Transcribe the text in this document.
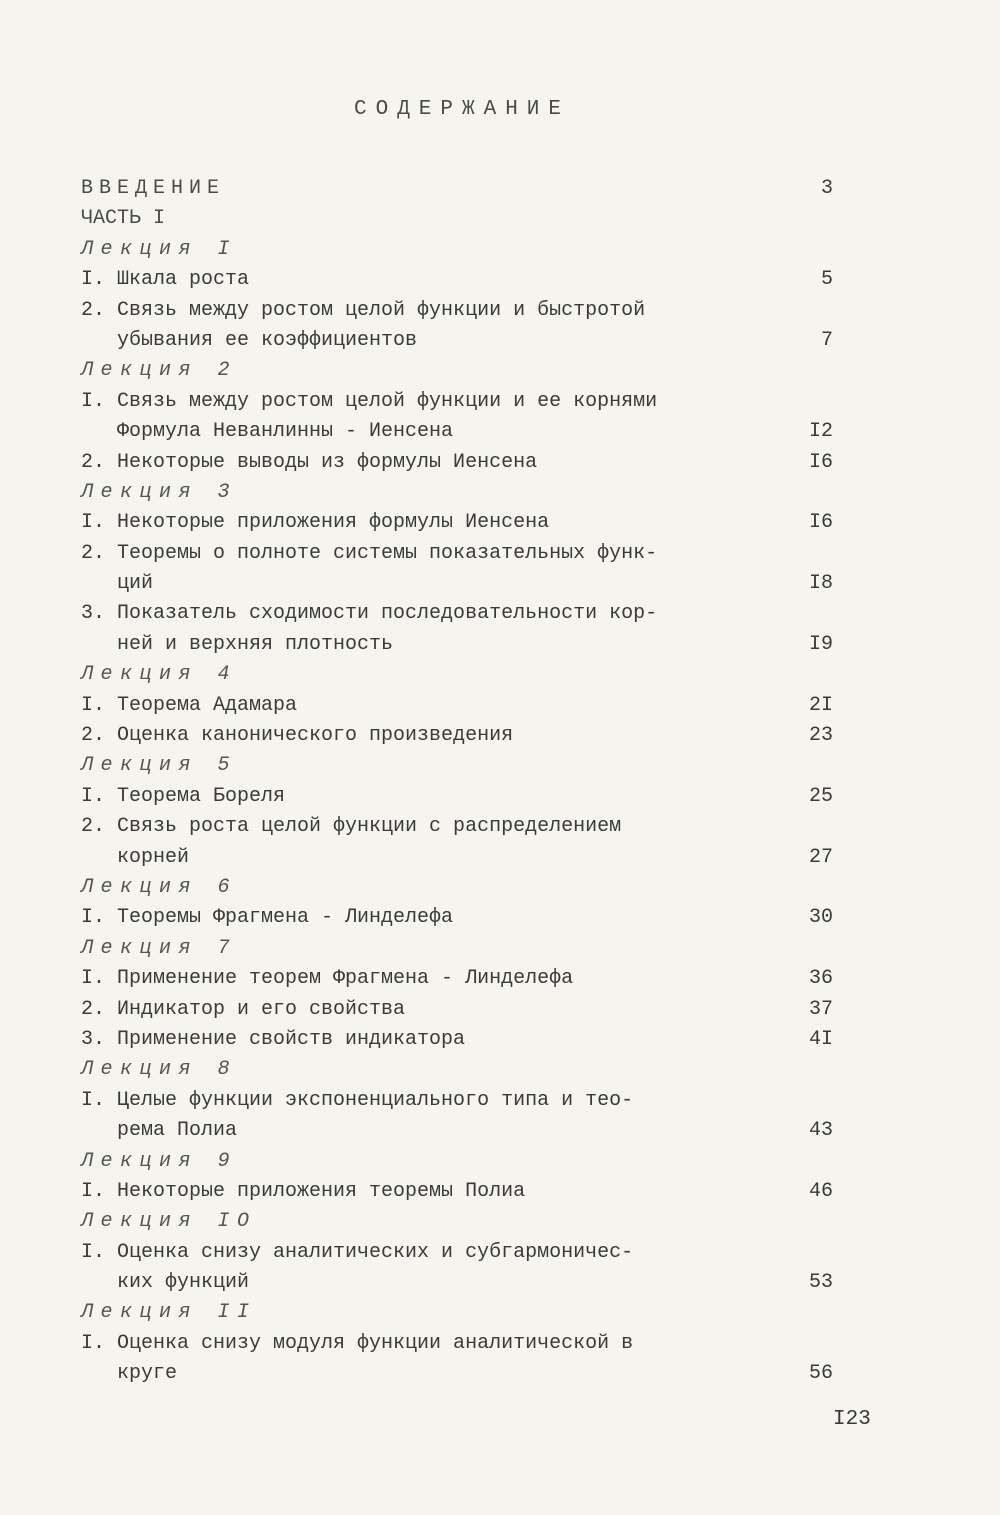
СОДЕРЖАНИЕ
ВВЕДЕНИЕ	3
ЧАСТЬ I
Лекция I
I. Шкала роста	5
2. Связь между ростом целой функции и быстротой
убывания ее коэффициентов	7
Лекция 2
I. Связь между ростом целой функции и ее корнями
Формула Неванлинны - Иенсена	I2
2. Некоторые выводы из формулы Иенсена	I6
Лекция 3
I. Некоторые приложения формулы Иенсена	I6
2. Теоремы о полноте системы показательных функ-
ций	I8
3. Показатель сходимости последовательности кор-
ней и верхняя плотность	I9
Лекция 4
I. Теорема Адамара	2I
2. Оценка канонического произведения	23
Лекция 5
I. Теорема Бореля	25
2. Связь роста целой функции с распределением
корней	27
Лекция 6
I. Теоремы Фрагмена - Линделефа	30
Лекция 7
I. Применение теорем Фрагмена - Линделефа	36
2. Индикатор и его свойства	37
3. Применение свойств индикатора	4I
Лекция 8
I. Целые функции экспоненциального типа и тео-
рема Полиа	43
Лекция 9
I. Некоторые приложения теоремы Полиа	46
Лекция IO
I. Оценка снизу аналитических и субгармоничес-
ких функций	53
Лекция II
I. Оценка снизу модуля функции аналитической в
круге	56
I23
